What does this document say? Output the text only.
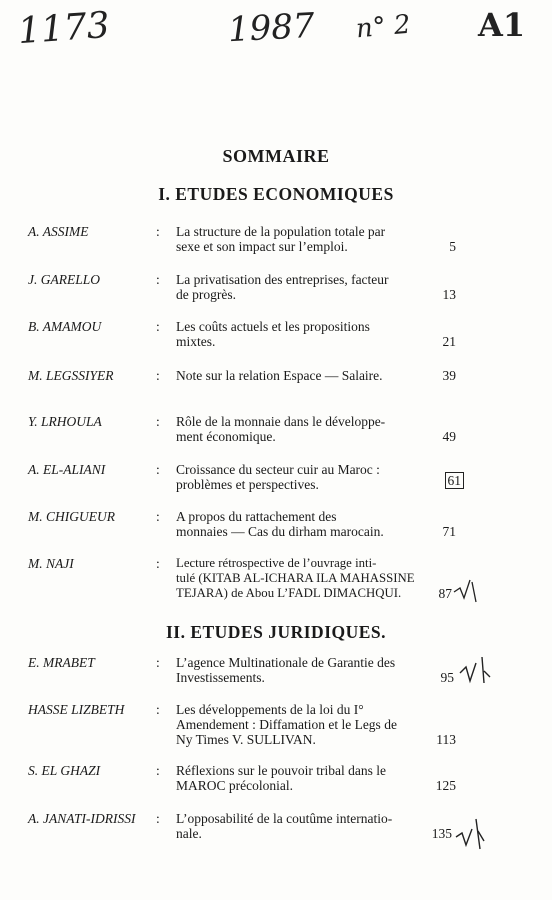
1173	1987 n° 2 A1
SOMMAIRE
I. ETUDES ECONOMIQUES
A. ASSIME	: La structure de la population totale par
sexe et son impact sur l’emploi.	5
J. GARELLO	: La privatisation des entreprises, facteur
de progrès.	13
B. AMAMOU	: Les coûts actuels et les propositions
mixtes.	21
M. LEGSSIYER	: Note sur la relation Espace — Salaire.	39
Y. LRHOULA	: Rôle de la monnaie dans le développe-
ment économique.	49
A. EL-ALIANI	: Croissance du secteur cuir au Maroc :
problèmes et perspectives.	61
M. CHIGUEUR	: A propos du rattachement des
monnaies — Cas du dirham marocain.	71
M. NAJI	: Lecture rétrospective de l’ouvrage inti-
tulé (KITAB AL-ICHARA ILA MAHASSINE
TEJARA) de Abou L’FADL DIMACHQUI.	87
II. ETUDES JURIDIQUES.
E. MRABET	: L’agence Multinationale de Garantie des
Investissements.	95
HASSE LIZBETH : Les développements de la loi du I°
Amendement : Diffamation et le Legs de
Ny Times V. SULLIVAN.	113
S. EL GHAZI	: Réflexions sur le pouvoir tribal dans le
MAROC précolonial.	125
A. JANATI-IDRISSI : L’opposabilité de la coutûme internatio-
nale.	135
